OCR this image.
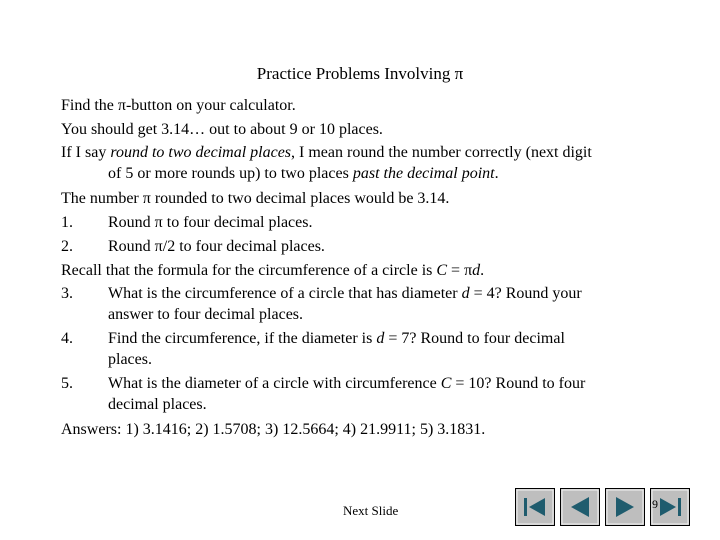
Practice Problems Involving π
Find the π-button on your calculator.
You should get 3.14… out to about 9 or 10 places.
If I say round to two decimal places, I mean round the number correctly (next digit
of 5 or more rounds up) to two places past the decimal point.
The number π rounded to two decimal places would be 3.14.
1. Round π to four decimal places.
2. Round π/2 to four decimal places.
Recall that the formula for the circumference of a circle is C = πd.
3. What is the circumference of a circle that has diameter d = 4? Round your
answer to four decimal places.
4. Find the circumference, if the diameter is d = 7? Round to four decimal
places.
5. What is the diameter of a circle with circumference C = 10? Round to four
decimal places.
Answers: 1) 3.1416; 2) 1.5708; 3) 12.5664; 4) 21.9911; 5) 3.1831.
Next Slide	9
